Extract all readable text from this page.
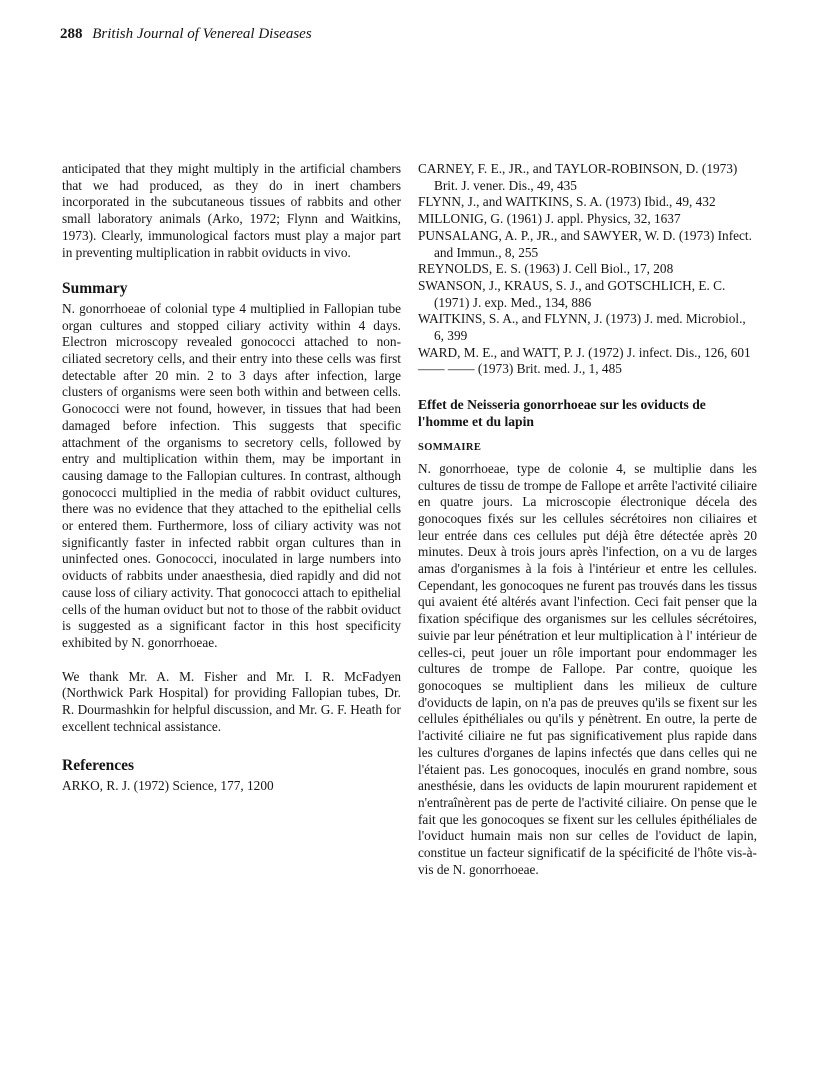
288 British Journal of Venereal Diseases

anticipated that they might multiply in the artificial chambers that we had produced, as they do in inert chambers incorporated in the subcutaneous tissues of rabbits and other small laboratory animals (Arko, 1972; Flynn and Waitkins, 1973). Clearly, immunological factors must play a major part in preventing multiplication in rabbit oviducts in vivo.

Summary

N. gonorrhoeae of colonial type 4 multiplied in Fallopian tube organ cultures and stopped ciliary activity within 4 days. Electron microscopy revealed gonococci attached to non-ciliated secretory cells, and their entry into these cells was first detectable after 20 min. 2 to 3 days after infection, large clusters of organisms were seen both within and between cells. Gonococci were not found, however, in tissues that had been damaged before infection. This suggests that specific attachment of the organisms to secretory cells, followed by entry and multiplication within them, may be important in causing damage to the Fallopian cultures. In contrast, although gonococci multiplied in the media of rabbit oviduct cultures, there was no evidence that they attached to the epithelial cells or entered them. Furthermore, loss of ciliary activity was not significantly faster in infected rabbit organ cultures than in uninfected ones. Gonococci, inoculated in large numbers into oviducts of rabbits under anaesthesia, died rapidly and did not cause loss of ciliary activity. That gonococci attach to epithelial cells of the human oviduct but not to those of the rabbit oviduct is suggested as a significant factor in this host specificity exhibited by N. gonorrhoeae.

We thank Mr. A. M. Fisher and Mr. I. R. McFadyen (Northwick Park Hospital) for providing Fallopian tubes, Dr. R. Dourmashkin for helpful discussion, and Mr. G. F. Heath for excellent technical assistance.

References

ARKO, R. J. (1972) Science, 177, 1200

CARNEY, F. E., JR., and TAYLOR-ROBINSON, D. (1973) Brit. J. vener. Dis., 49, 435

FLYNN, J., and WAITKINS, S. A. (1973) Ibid., 49, 432

MILLONIG, G. (1961) J. appl. Physics, 32, 1637

PUNSALANG, A. P., JR., and SAWYER, W. D. (1973) Infect. and Immun., 8, 255

REYNOLDS, E. S. (1963) J. Cell Biol., 17, 208

SWANSON, J., KRAUS, S. J., and GOTSCHLICH, E. C. (1971) J. exp. Med., 134, 886

WAITKINS, S. A., and FLYNN, J. (1973) J. med. Microbiol., 6, 399

WARD, M. E., and WATT, P. J. (1972) J. infect. Dis., 126, 601

—— —— (1973) Brit. med. J., 1, 485

Effet de Neisseria gonorrhoeae sur les oviducts de l'homme et du lapin

SOMMAIRE

N. gonorrhoeae, type de colonie 4, se multiplie dans les cultures de tissu de trompe de Fallope et arrête l'activité ciliaire en quatre jours. La microscopie électronique décela des gonocoques fixés sur les cellules sécrétoires non ciliaires et leur entrée dans ces cellules put déjà être détectée après 20 minutes. Deux à trois jours après l'infection, on a vu de larges amas d'organismes à la fois à l'intérieur et entre les cellules. Cependant, les gonocoques ne furent pas trouvés dans les tissus qui avaient été altérés avant l'infection. Ceci fait penser que la fixation spécifique des organismes sur les cellules sécrétoires, suivie par leur pénétration et leur multiplication à l' intérieur de celles-ci, peut jouer un rôle important pour endommager les cultures de trompe de Fallope. Par contre, quoique les gonocoques se multiplient dans les milieux de culture d'oviducts de lapin, on n'a pas de preuves qu'ils se fixent sur les cellules épithéliales ou qu'ils y pénètrent. En outre, la perte de l'activité ciliaire ne fut pas significativement plus rapide dans les cultures d'organes de lapins infectés que dans celles qui ne l'étaient pas. Les gonocoques, inoculés en grand nombre, sous anesthésie, dans les oviducts de lapin moururent rapidement et n'entraînèrent pas de perte de l'activité ciliaire. On pense que le fait que les gonocoques se fixent sur les cellules épithéliales de l'oviduct humain mais non sur celles de l'oviduct de lapin, constitue un facteur significatif de la spécificité de l'hôte vis-à-vis de N. gonorrhoeae.
